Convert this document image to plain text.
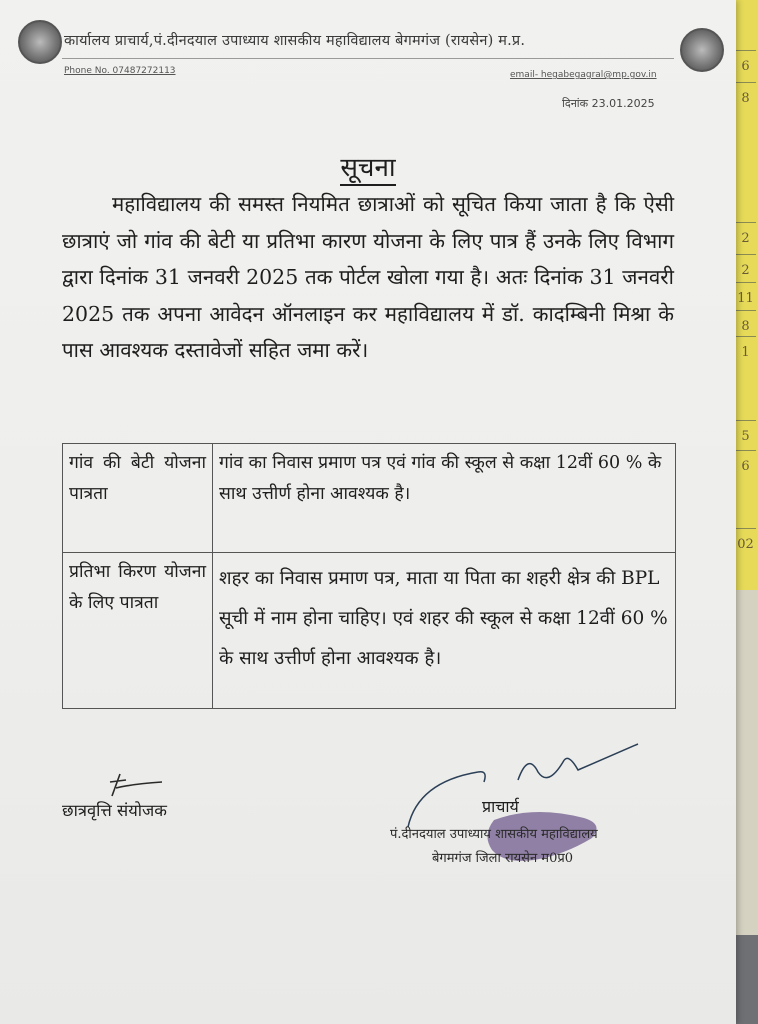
6
8
2
2
11
8
1
5
6
02
कार्यालय प्राचार्य,पं.दीनदयाल उपाध्याय शासकीय महाविद्यालय बेगमगंज (रायसेन) म.प्र.
Phone No. 07487272113	email- hegabegagral@mp.gov.in
दिनांक 23.01.2025
सूचना
महाविद्यालय की समस्त नियमित छात्राओं को सूचित किया जाता है कि ऐसी छात्राएं जो गांव की बेटी या प्रतिभा कारण योजना के लिए पात्र हैं उनके लिए विभाग द्वारा दिनांक 31 जनवरी 2025 तक पोर्टल खोला गया है। अतः दिनांक 31 जनवरी 2025 तक अपना आवेदन ऑनलाइन कर महाविद्यालय में डॉ. कादम्बिनी मिश्रा के पास आवश्यक दस्तावेजों सहित जमा करें।
गांव की बेटी योजना पात्रता	गांव का निवास प्रमाण पत्र एवं गांव की स्कूल से कक्षा 12वीं 60 % के साथ उत्तीर्ण होना आवश्यक है।
प्रतिभा किरण योजना के लिए पात्रता	शहर का निवास प्रमाण पत्र, माता या पिता का शहरी क्षेत्र की BPL सूची में नाम होना चाहिए। एवं शहर की स्कूल से कक्षा 12वीं 60 % के साथ उत्तीर्ण होना आवश्यक है।

छात्रवृत्ति संयोजक	प्राचार्य
पं.दीनदयाल उपाध्याय शासकीय महाविद्यालय
बेगमगंज जिला रायसेन म0प्र0
